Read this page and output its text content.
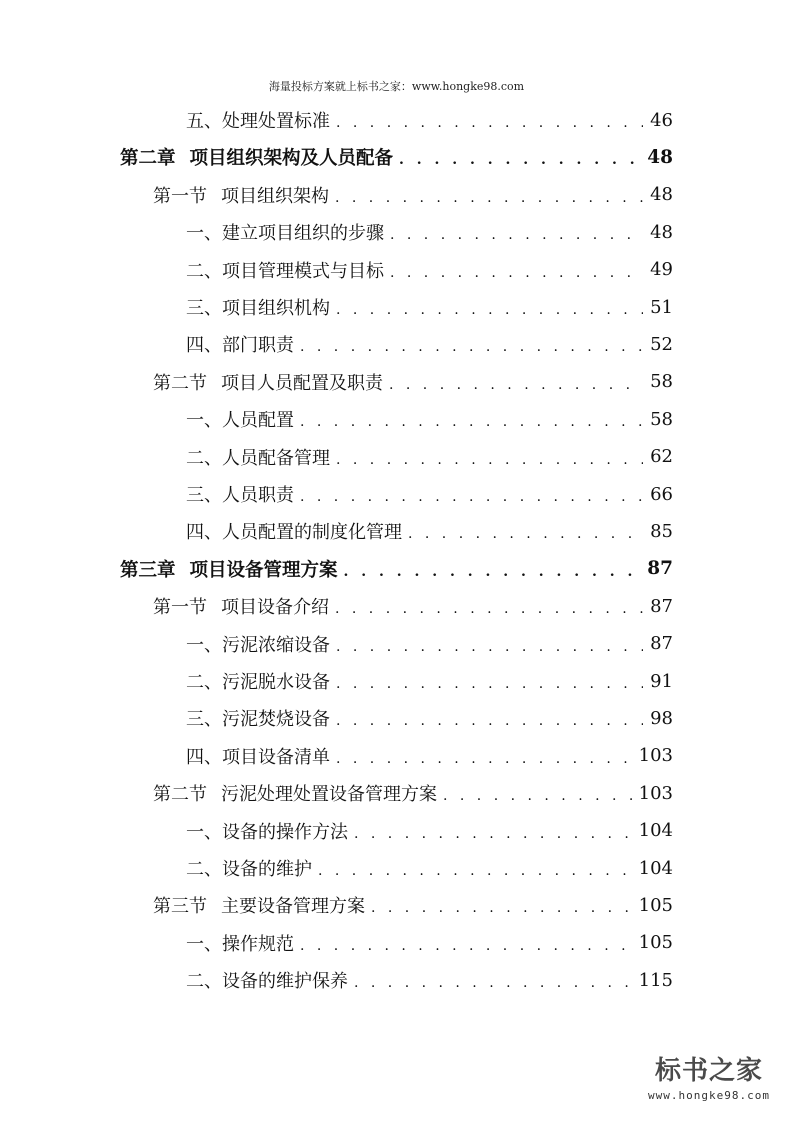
海量投标方案就上标书之家：www.hongke98.com
五、 处理处置标准 . . .	46
第二章 项目组织架构及人员配备 . . .	48
第一节 项目组织架构 . . .	48
一、 建立项目组织的步骤 . . .	48
二、 项目管理模式与目标 . . .	49
三、 项目组织机构 . . .	51
四、 部门职责 . . .	52
第二节 项目人员配置及职责 . . .	58
一、 人员配置 . . .	58
二、 人员配备管理 . . .	62
三、 人员职责 . . .	66
四、 人员配置的制度化管理 . . .	85
第三章 项目设备管理方案 . . .	87
第一节 项目设备介绍 . . .	87
一、 污泥浓缩设备 . . .	87
二、 污泥脱水设备 . . .	91
三、 污泥焚烧设备 . . .	98
四、 项目设备清单 . . .	103
第二节 污泥处理处置设备管理方案 . . .	103
一、 设备的操作方法 . . .	104
二、 设备的维护 . . .	104
第三节 主要设备管理方案 . . .	105
一、 操作规范 . . .	105
二、 设备的维护保养 . . .	115
标书之家
www.hongke98.com
